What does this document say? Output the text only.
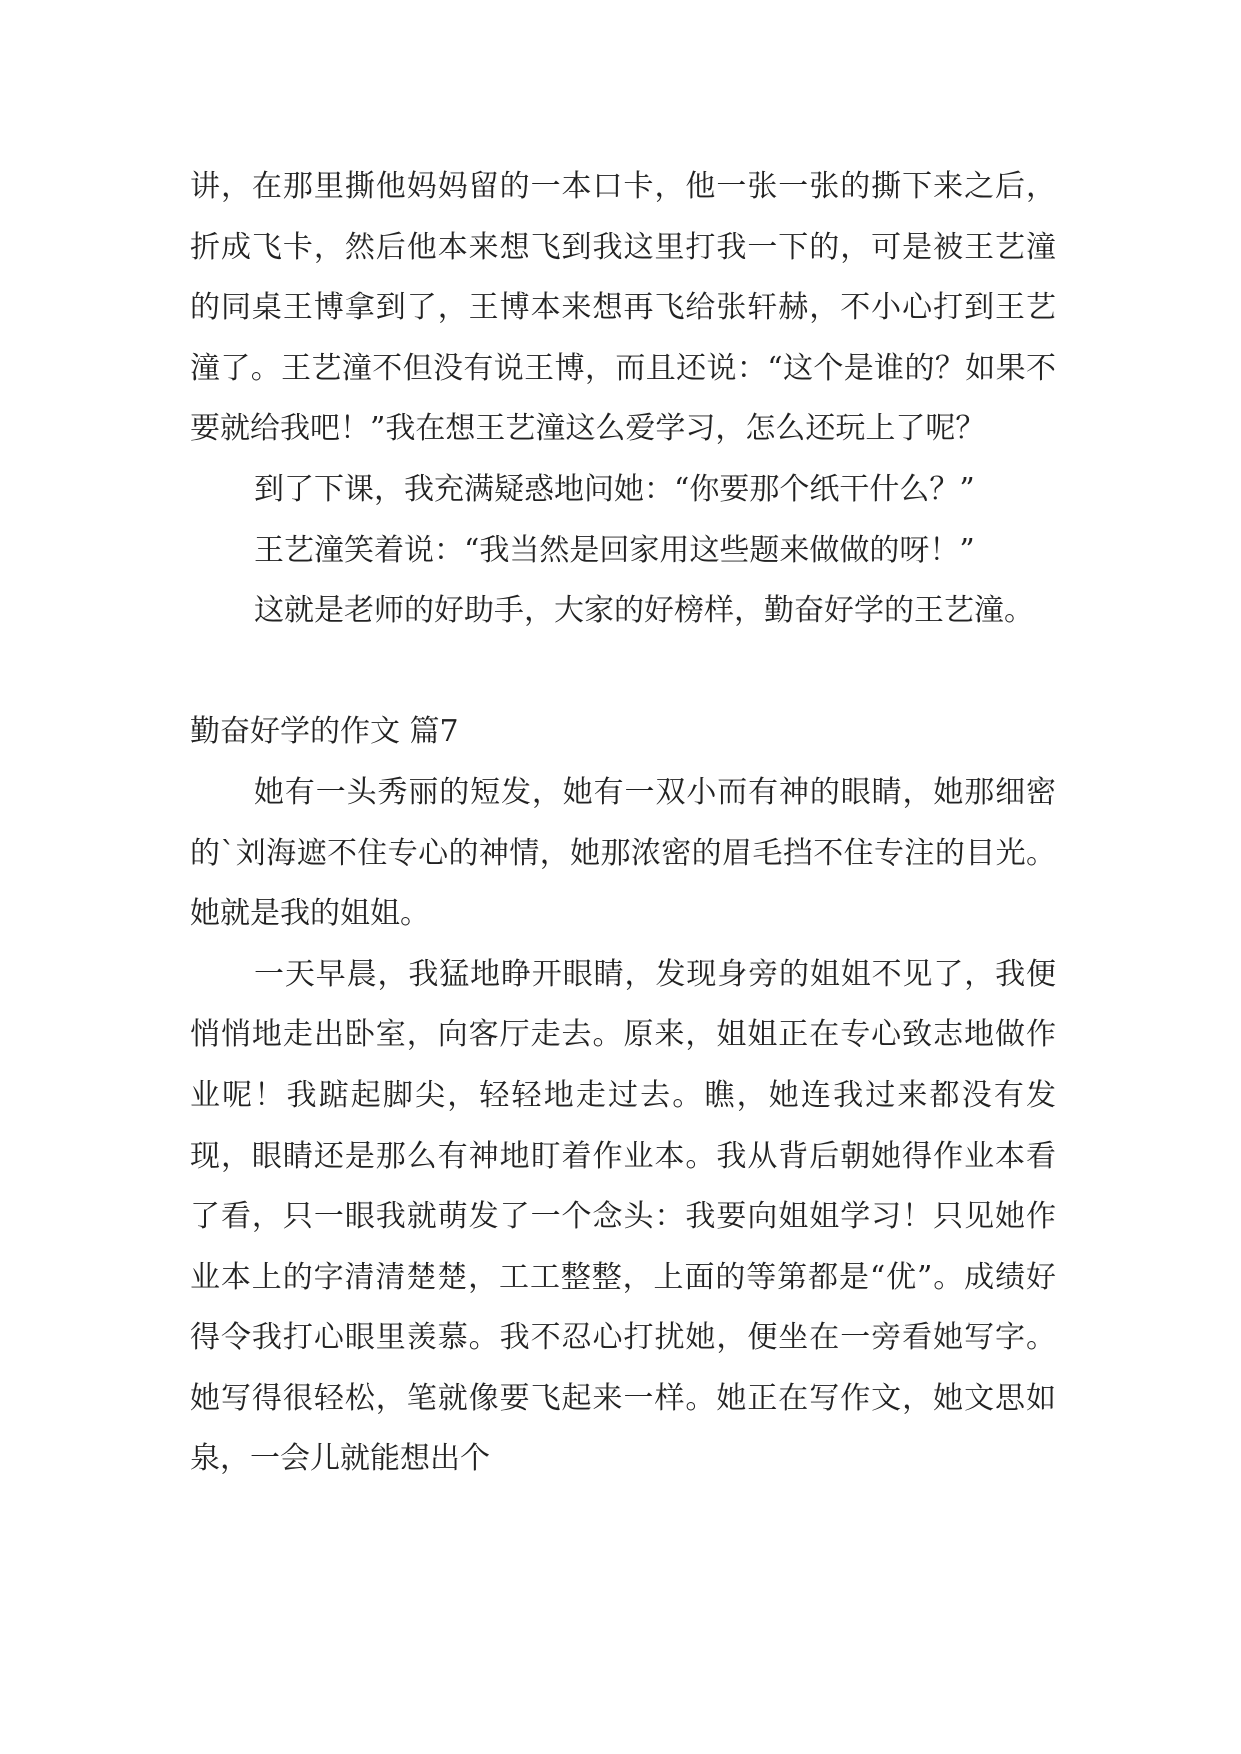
讲，在那里撕他妈妈留的一本口卡，他一张一张的撕下来之后，折成飞卡，然后他本来想飞到我这里打我一下的，可是被王艺潼的同桌王博拿到了，王博本来想再飞给张轩赫，不小心打到王艺潼了。王艺潼不但没有说王博，而且还说：“这个是谁的？如果不要就给我吧！”我在想王艺潼这么爱学习，怎么还玩上了呢？

到了下课，我充满疑惑地问她：“你要那个纸干什么？”

王艺潼笑着说：“我当然是回家用这些题来做做的呀！”

这就是老师的好助手，大家的好榜样，勤奋好学的王艺潼。

勤奋好学的作文 篇7

她有一头秀丽的短发，她有一双小而有神的眼睛，她那细密的`刘海遮不住专心的神情，她那浓密的眉毛挡不住专注的目光。她就是我的姐姐。

一天早晨，我猛地睁开眼睛，发现身旁的姐姐不见了，我便悄悄地走出卧室，向客厅走去。原来，姐姐正在专心致志地做作业呢！我踮起脚尖，轻轻地走过去。瞧，她连我过来都没有发现，眼睛还是那么有神地盯着作业本。我从背后朝她得作业本看了看，只一眼我就萌发了一个念头：我要向姐姐学习！只见她作业本上的字清清楚楚，工工整整，上面的等第都是“优”。成绩好得令我打心眼里羡慕。我不忍心打扰她，便坐在一旁看她写字。她写得很轻松，笔就像要飞起来一样。她正在写作文，她文思如泉，一会儿就能想出个
